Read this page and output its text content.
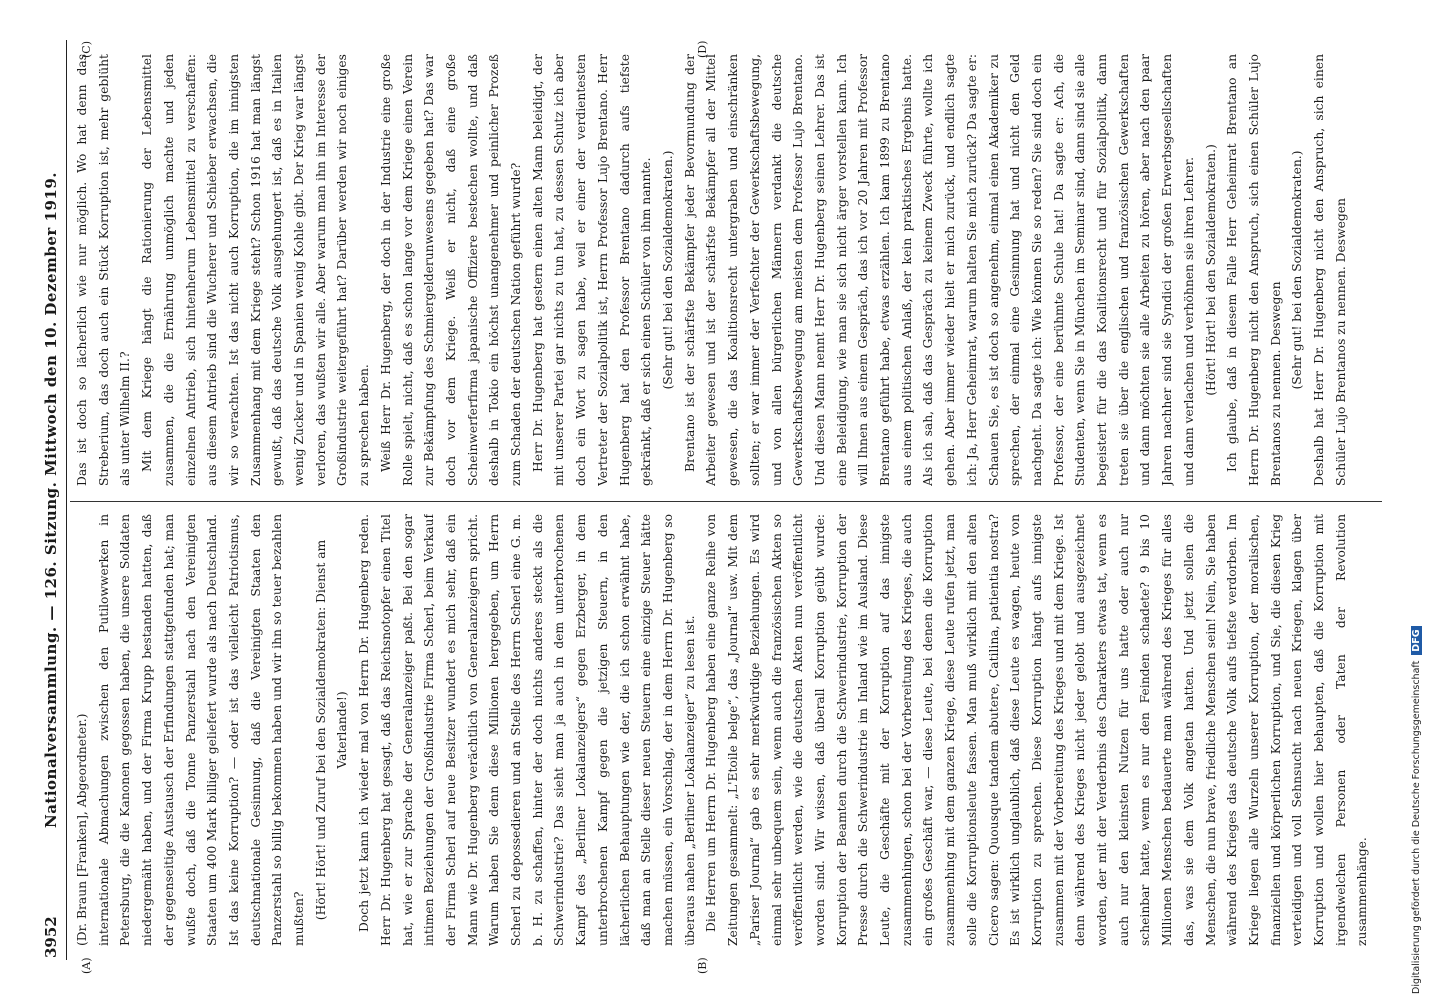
3952
Nationalversammlung. — 126. Sitzung. Mittwoch den 10. Dezember 1919.
(A)	(B)
(C)	(D)

(Dr. Braun [Franken], Abgeordneter.) internationale Abmachungen zwischen den Putilowwerken in Petersburg, die die Kanonen gegossen haben, die unsere Soldaten niedergemäht haben, und der Firma Krupp bestanden hatten, daß der gegenseitige Austausch der Erfindungen stattgefunden hat; man wußte doch, daß die Tonne Panzerstahl nach den Vereinigten Staaten um 400 Mark billiger geliefert wurde als nach Deutschland. Ist das keine Korruption? — oder ist das vielleicht Patriotismus, deutschnationale Gesinnung, daß die Vereinigten Staaten den Panzerstahl so billig bekommen haben und wir ihn so teuer bezahlen mußten? (Hört! Hört! und Zuruf bei den Sozialdemokraten: Dienst am Vaterlande!) Doch jetzt kann ich wieder mal von Herrn Dr. Hugenberg reden. Herr Dr. Hugenberg hat gesagt, daß das Reichsnotopfer einen Titel hat, wie er zur Sprache der Generalanzeiger paßt. Bei den sogar intimen Beziehungen der Großindustrie Firma Scherl, beim Verkauf der Firma Scherl auf neue Besitzer wundert es mich sehr, daß ein Mann wie Dr. Hugenberg verächtlich von Generalanzeigern spricht. Warum haben Sie denn diese Millionen hergegeben, um Herrn Scherl zu depossedieren und an Stelle des Herrn Scherl eine G. m. b. H. zu schaffen, hinter der doch nichts anderes steckt als die Schwerindustrie? Das sieht man ja auch in dem unterbrochenen Kampf des „Berliner Lokalanzeigers“ gegen Erzberger, in dem unterbrochenen Kampf gegen die jetzigen Steuern, in den lächerlichen Behauptungen wie der, die ich schon erwähnt habe, daß man an Stelle dieser neuen Steuern eine einzige Steuer hätte machen müssen, ein Vorschlag, der in dem Herrn Dr. Hugenberg so überaus nahen „Berliner Lokalanzeiger“ zu lesen ist. Die Herren um Herrn Dr. Hugenberg haben eine ganze Reihe von Zeitungen gesammelt: „L'Etoile belge“, das „Journal“ usw. Mit dem „Pariser Journal“ gab es sehr merkwürdige Beziehungen. Es wird einmal sehr unbequem sein, wenn auch die französischen Akten so veröffentlicht werden, wie die deutschen Akten nun veröffentlicht worden sind. Wir wissen, daß überall Korruption geübt wurde: Korruption der Beamten durch die Schwerindustrie, Korruption der Presse durch die Schwerindustrie im Inland wie im Ausland. Diese Leute, die Geschäfte mit der Korruption auf das innigste zusammenhingen, schon bei der Vorbereitung des Krieges, die auch ein großes Geschäft war, — diese Leute, bei denen die Korruption zusammenhing mit dem ganzen Kriege, diese Leute rufen jetzt, man solle die Korruptionsleute fassen. Man muß wirklich mit den alten Cicero sagen: Quousque tandem abutere, Catilina, patientia nostra? Es ist wirklich unglaublich, daß diese Leute es wagen, heute von Korruption zu sprechen. Diese Korruption hängt aufs innigste zusammen mit der Vorbereitung des Krieges und mit dem Kriege. Ist denn während des Krieges nicht jeder gelobt und ausgezeichnet worden, der mit der Verderbnis des Charakters etwas tat, wenn es auch nur den kleinsten Nutzen für uns hatte oder auch nur scheinbar hatte, wenn es nur den Feinden schadete? 9 bis 10 Millionen Menschen bedauerte man während des Krieges für alles das, was sie dem Volk angetan hatten. Und jetzt sollen die Menschen, die nun brave, friedliche Menschen sein! Nein, Sie haben während des Krieges das deutsche Volk aufs tiefste verdorben. Im Kriege liegen alle Wurzeln unserer Korruption, der moralischen, finanziellen und körperlichen Korruption, und Sie, die diesen Krieg verteidigen und voll Sehnsucht nach neuen Kriegen, klagen über Korruption und wollen hier behaupten, daß die Korruption mit irgendwelchen Personen oder Taten der Revolution zusammenhänge.

Das ist doch so lächerlich wie nur möglich. Wo hat denn das Streberium, das doch auch ein Stück Korruption ist, mehr geblüht als unter Wilhelm II.? Mit dem Kriege hängt die Rationierung der Lebensmittel zusammen, die die Ernährung unmöglich machte und jeden einzelnen Antrieb, sich hintenherum Lebensmittel zu verschaffen: aus diesem Antrieb sind die Wucherer und Schieber erwachsen, die wir so verachten. Ist das nicht auch Korruption, die im innigsten Zusammenhang mit dem Kriege steht? Schon 1916 hat man längst gewußt, daß das deutsche Volk ausgehungert ist, daß es in Italien wenig Zucker und in Spanien wenig Kohle gibt. Der Krieg war längst verloren, das wußten wir alle. Aber warum man ihn im Interesse der Großindustrie weitergeführt hat? Darüber werden wir noch einiges zu sprechen haben. Weiß Herr Dr. Hugenberg, der doch in der Industrie eine große Rolle spielt, nicht, daß es schon lange vor dem Kriege einen Verein zur Bekämpfung des Schmiergelderunwesens gegeben hat? Das war doch vor dem Kriege. Weiß er nicht, daß eine große Scheinwerferfirma japanische Offiziere bestechen wollte, und daß deshalb in Tokio ein höchst unangenehmer und peinlicher Prozeß zum Schaden der deutschen Nation geführt wurde? Herr Dr. Hugenberg hat gestern einen alten Mann beleidigt, der mit unserer Partei gar nichts zu tun hat, zu dessen Schutz ich aber doch ein Wort zu sagen habe, weil er einer der verdientesten Vertreter der Sozialpolitik ist, Herrn Professor Lujo Brentano. Herr Hugenberg hat den Professor Brentano dadurch aufs tiefste gekränkt, daß er sich einen Schüler von ihm nannte. (Sehr gut! bei den Sozialdemokraten.) Brentano ist der schärfste Bekämpfer jeder Bevormundung der Arbeiter gewesen und ist der schärfste Bekämpfer all der Mittel gewesen, die das Koalitionsrecht untergraben und einschränken sollten; er war immer der Verfechter der Gewerkschaftsbewegung, und von allen bürgerlichen Männern verdankt die deutsche Gewerkschaftsbewegung am meisten dem Professor Lujo Brentano. Und diesen Mann nennt Herr Dr. Hugenberg seinen Lehrer. Das ist eine Beleidigung, wie man sie sich nicht ärger vorstellen kann. Ich will Ihnen aus einem Gespräch, das ich vor 20 Jahren mit Professor Brentano geführt habe, etwas erzählen. Ich kam 1899 zu Brentano aus einem politischen Anlaß, der kein praktisches Ergebnis hatte. Als ich sah, daß das Gespräch zu keinem Zweck führte, wollte ich gehen. Aber immer wieder hielt er mich zurück, und endlich sagte ich: Ja, Herr Geheimrat, warum halten Sie mich zurück? Da sagte er: Schauen Sie, es ist doch so angenehm, einmal einen Akademiker zu sprechen, der einmal eine Gesinnung hat und nicht den Geld nachgeht. Da sagte ich: Wie können Sie so reden? Sie sind doch ein Professor, der eine berühmte Schule hat! Da sagte er: Ach, die Studenten, wenn Sie in München im Seminar sind, dann sind sie alle begeistert für die das Koalitionsrecht und für Sozialpolitik, dann treten sie über die englischen und französischen Gewerkschaften und dann möchten sie alle Arbeiten zu hören, aber nach den paar Jahren nachher sind sie Syndici der großen Erwerbsgesellschaften und dann verlachen und verhöhnen sie ihren Lehrer. (Hört! Hört! bei den Sozialdemokraten.) Ich glaube, daß in diesem Falle Herr Geheimrat Brentano an Herrn Dr. Hugenberg nicht den Anspruch, sich einen Schüler Lujo Brentanos zu nennen. Deswegen (Sehr gut! bei den Sozialdemokraten.) Deshalb hat Herr Dr. Hugenberg nicht den Anspruch, sich einen Schüler Lujo Brentanos zu nennen. Deswegen

Digitalisierung gefördert durch die Deutsche ForschungsgemeinschaftDFG
